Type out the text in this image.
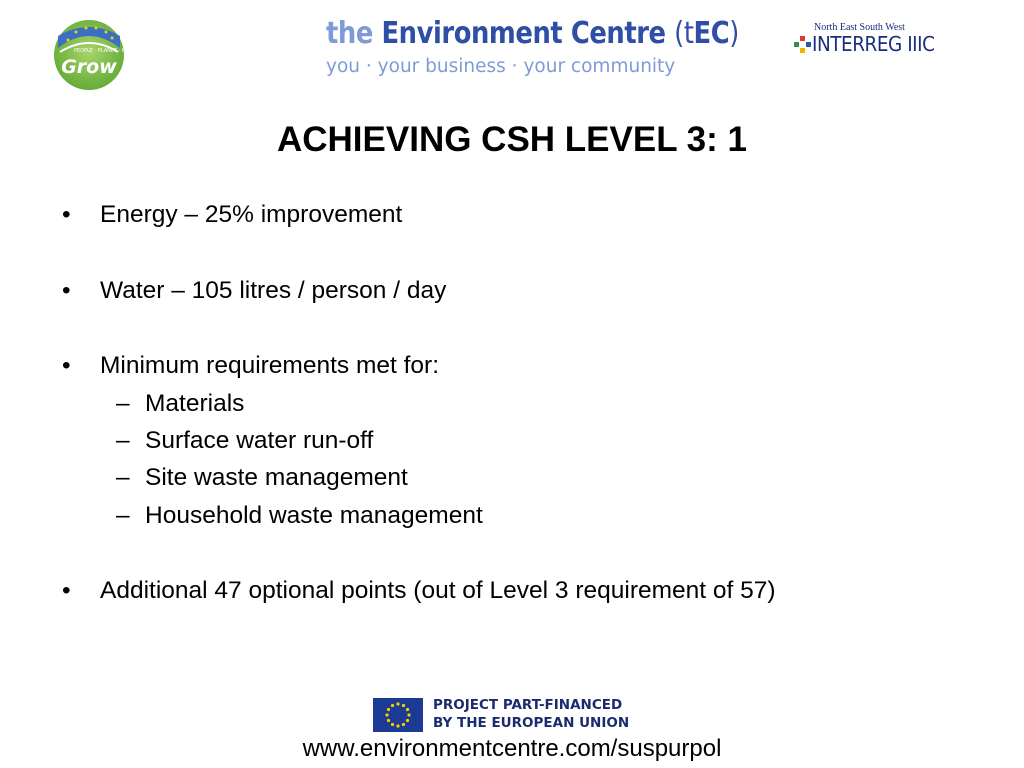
PEOPLE · PLANET · PROFIT
Grow
the Environment Centre (tEC)
you · your business · your community
North East South West
INTERREG IIIC
ACHIEVING CSH LEVEL 3: 1
• Energy – 25% improvement
• Water – 105 litres / person / day
• Minimum requirements met for:
– Materials
– Surface water run-off
– Site waste management
– Household waste management
• Additional 47 optional points (out of Level 3 requirement of 57)
PROJECT PART-FINANCED
BY THE EUROPEAN UNION
www.environmentcentre.com/suspurpol
